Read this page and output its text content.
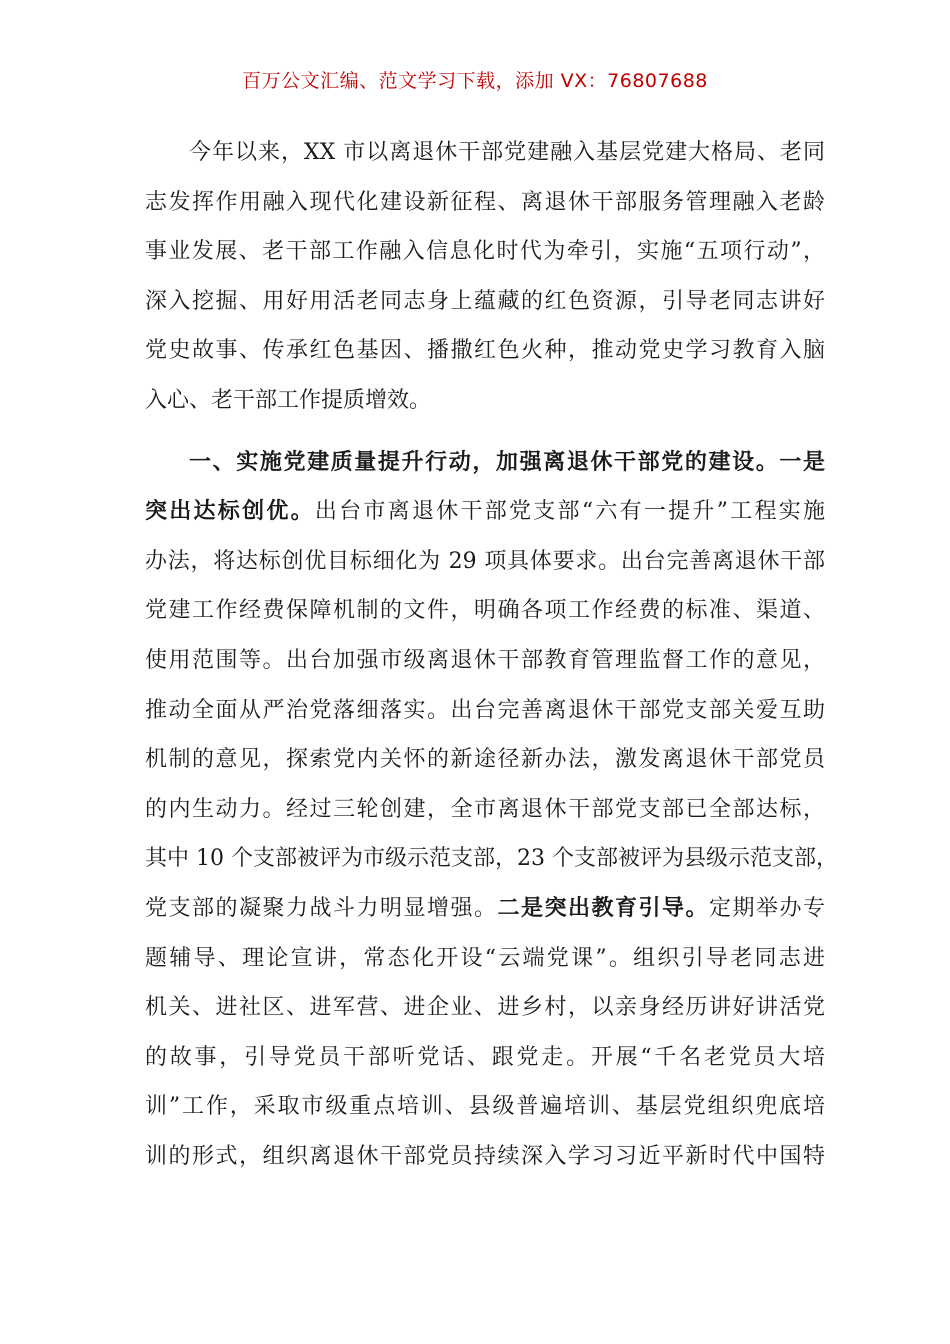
百万公文汇编、范文学习下载，添加 VX：76807688
今年以来，XX 市以离退休干部党建融入基层党建大格局、老同
志发挥作用融入现代化建设新征程、离退休干部服务管理融入老龄
事业发展、老干部工作融入信息化时代为牵引，实施“五项行动”，
深入挖掘、用好用活老同志身上蕴藏的红色资源，引导老同志讲好
党史故事、传承红色基因、播撒红色火种，推动党史学习教育入脑
入心、老干部工作提质增效。
一、实施党建质量提升行动，加强离退休干部党的建设。一是
突出达标创优。出台市离退休干部党支部“六有一提升”工程实施
办法，将达标创优目标细化为 29 项具体要求。出台完善离退休干部
党建工作经费保障机制的文件，明确各项工作经费的标准、渠道、
使用范围等。出台加强市级离退休干部教育管理监督工作的意见，
推动全面从严治党落细落实。出台完善离退休干部党支部关爱互助
机制的意见，探索党内关怀的新途径新办法，激发离退休干部党员
的内生动力。经过三轮创建，全市离退休干部党支部已全部达标，
其中 10 个支部被评为市级示范支部，23 个支部被评为县级示范支部，
党支部的凝聚力战斗力明显增强。二是突出教育引导。定期举办专
题辅导、理论宣讲，常态化开设“云端党课”。组织引导老同志进
机关、进社区、进军营、进企业、进乡村，以亲身经历讲好讲活党
的故事，引导党员干部听党话、跟党走。开展“千名老党员大培
训”工作，采取市级重点培训、县级普遍培训、基层党组织兜底培
训的形式，组织离退休干部党员持续深入学习习近平新时代中国特
